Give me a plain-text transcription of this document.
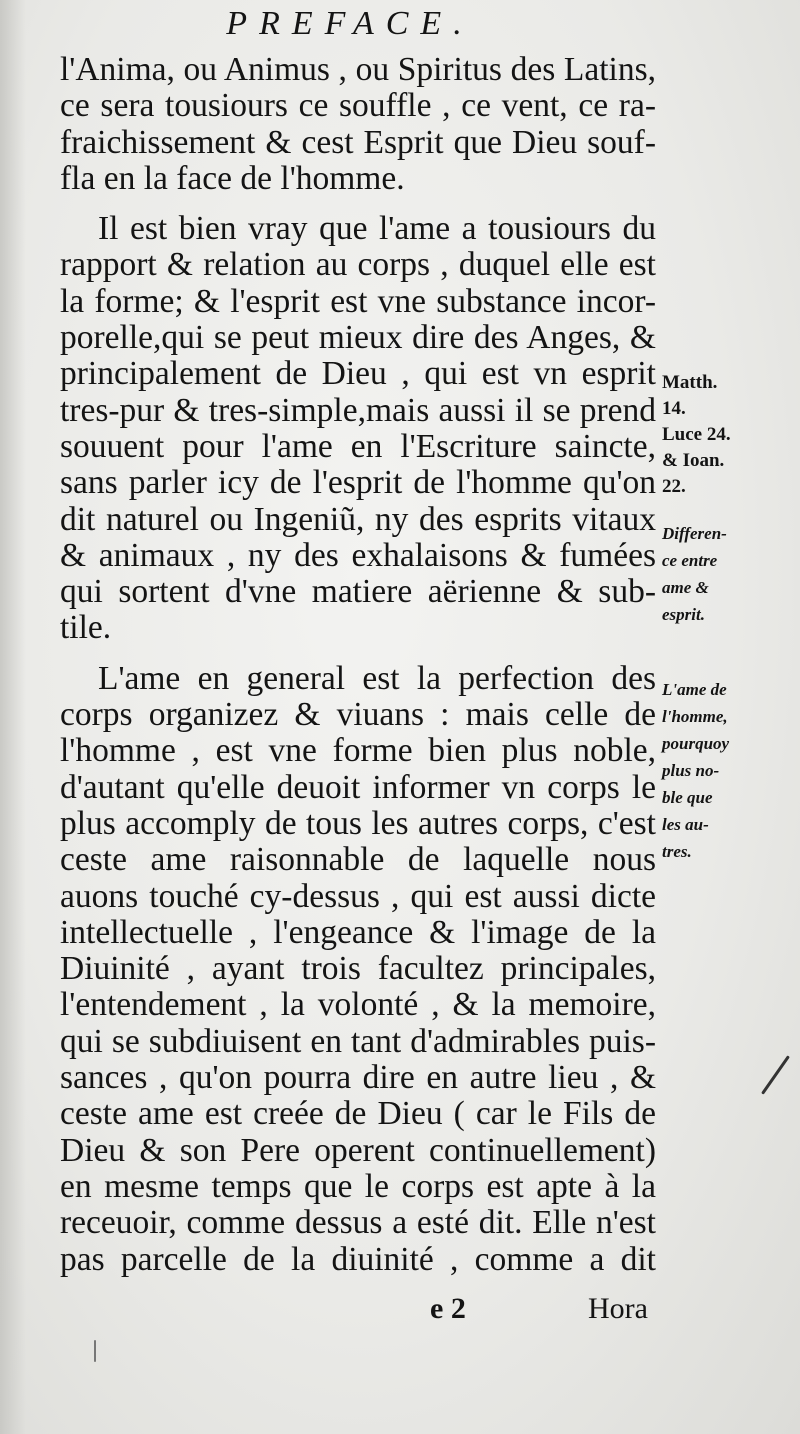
PREFACE.
l'Anima, ou Animus , ou Spiritus des Latins,
ce sera tousiours ce souffle , ce vent, ce ra-
fraichissement & cest Esprit que Dieu souf-
fla en la face de l'homme.
Il est bien vray que l'ame a tousiours du
rapport & relation au corps , duquel elle est
la forme; & l'esprit est vne substance incor-
porelle,qui se peut mieux dire des Anges, &
principalement de Dieu , qui est vn esprit
tres-pur & tres-simple,mais aussi il se prend
souuent pour l'ame en l'Escriture saincte,
sans parler icy de l'esprit de l'homme qu'on
dit naturel ou Ingeniũ, ny des esprits vitaux
& animaux , ny des exhalaisons & fumées
qui sortent d'vne matiere aërienne & sub-
tile.
L'ame en general est la perfection des
corps organizez & viuans : mais celle de
l'homme , est vne forme bien plus noble,
d'autant qu'elle deuoit informer vn corps le
plus accomply de tous les autres corps, c'est
ceste ame raisonnable de laquelle nous
auons touché cy-dessus , qui est aussi dicte
intellectuelle , l'engeance & l'image de la
Diuinité , ayant trois facultez principales,
l'entendement , la volonté , & la memoire,
qui se subdiuisent en tant d'admirables puis-
sances , qu'on pourra dire en autre lieu , &
ceste ame est creée de Dieu ( car le Fils de
Dieu & son Pere operent continuellement)
en mesme temps que le corps est apte à la
receuoir, comme dessus a esté dit. Elle n'est
pas parcelle de la diuinité , comme a dit
Matth.
14.
Luce 24.
& Ioan.
22.
Differen-
ce entre
ame &
esprit.
L'ame de
l'homme,
pourquoy
plus no-
ble que
les au-
tres.
e 2	Hora
